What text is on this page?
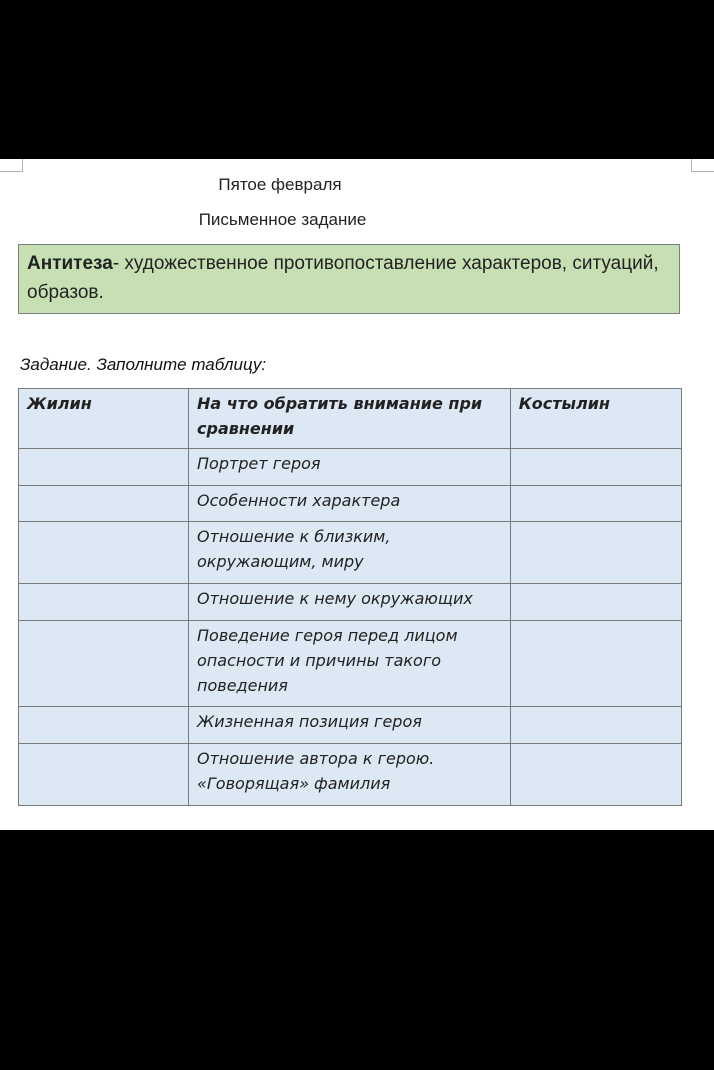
Пятое февраля
Письменное задание
Антитеза- художественное противопоставление характеров, ситуаций, образов.
Задание. Заполните таблицу:
Жилин	На что обратить внимание при сравнении	Костылин
	Портрет героя	
	Особенности характера	
	Отношение к близким, окружающим, миру	
	Отношение к нему окружающих	
	Поведение героя перед лицом опасности и причины такого поведения	
	Жизненная позиция героя	
	Отношение автора к герою. «Говорящая» фамилия	
